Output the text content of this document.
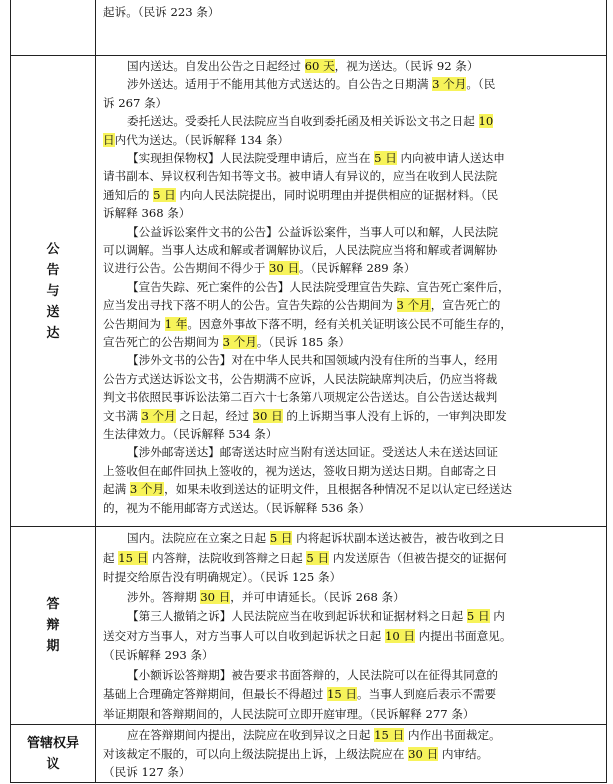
起诉。（民诉 223 条）
公告与送达
国内送达。自发出公告之日起经过 60 天，视为送达。（民诉 92 条）
涉外送达。适用于不能用其他方式送达的。自公告之日期满 3 个月。（民
诉 267 条）
委托送达。受委托人民法院应当自收到委托函及相关诉讼文书之日起 10
日内代为送达。（民诉解释 134 条）
【实现担保物权】人民法院受理申请后，应当在 5 日 内向被申请人送达申
请书副本、异议权利告知书等文书。被申请人有异议的，应当在收到人民法院
通知后的 5 日 内向人民法院提出，同时说明理由并提供相应的证据材料。（民
诉解释 368 条）
【公益诉讼案件文书的公告】公益诉讼案件，当事人可以和解，人民法院
可以调解。当事人达成和解或者调解协议后，人民法院应当将和解或者调解协
议进行公告。公告期间不得少于 30 日。（民诉解释 289 条）
【宣告失踪、死亡案件的公告】人民法院受理宣告失踪、宣告死亡案件后，
应当发出寻找下落不明人的公告。宣告失踪的公告期间为 3 个月，宣告死亡的
公告期间为 1 年。因意外事故下落不明，经有关机关证明该公民不可能生存的，
宣告死亡的公告期间为 3 个月。（民诉 185 条）
【涉外文书的公告】对在中华人民共和国领域内没有住所的当事人，经用
公告方式送达诉讼文书，公告期满不应诉，人民法院缺席判决后，仍应当将裁
判文书依照民事诉讼法第二百六十七条第八项规定公告送达。自公告送达裁判
文书满 3 个月 之日起，经过 30 日 的上诉期当事人没有上诉的，一审判决即发
生法律效力。（民诉解释 534 条）
【涉外邮寄送达】邮寄送达时应当附有送达回证。受送达人未在送达回证
上签收但在邮件回执上签收的，视为送达，签收日期为送达日期。自邮寄之日
起满 3 个月，如果未收到送达的证明文件，且根据各种情况不足以认定已经送达
的，视为不能用邮寄方式送达。（民诉解释 536 条）
答辩期
国内。法院应在立案之日起 5 日 内将起诉状副本送达被告，被告收到之日
起 15 日 内答辩，法院收到答辩之日起 5 日 内发送原告（但被告提交的证据何
时提交给原告没有明确规定）。（民诉 125 条）
涉外。答辩期 30 日，并可申请延长。（民诉 268 条）
【第三人撤销之诉】人民法院应当在收到起诉状和证据材料之日起 5 日 内
送交对方当事人，对方当事人可以自收到起诉状之日起 10 日 内提出书面意见。
（民诉解释 293 条）
【小额诉讼答辩期】被告要求书面答辩的，人民法院可以在征得其同意的
基础上合理确定答辩期间，但最长不得超过 15 日。当事人到庭后表示不需要
举证期限和答辩期间的，人民法院可立即开庭审理。（民诉解释 277 条）
管辖权异议
应在答辩期间内提出，法院应在收到异议之日起 15 日 内作出书面裁定。
对该裁定不服的，可以向上级法院提出上诉，上级法院应在 30 日 内审结。
（民诉 127 条）
